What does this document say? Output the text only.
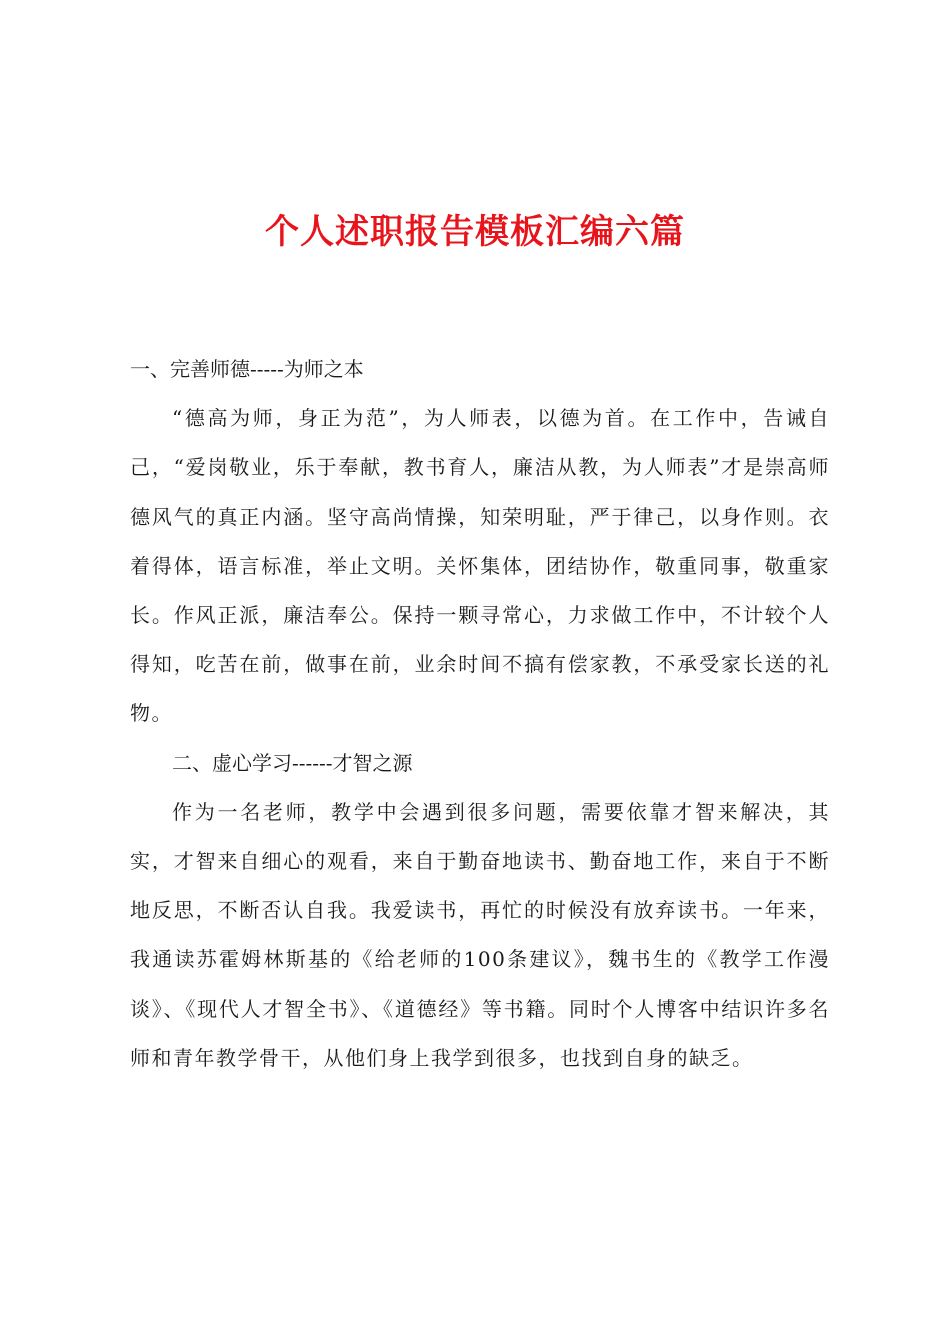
个人述职报告模板汇编六篇

一、完善师德-----为师之本

“德高为师，身正为范”，为人师表，以德为首。在工作中，告诫自己，“爱岗敬业，乐于奉献，教书育人，廉洁从教，为人师表”才是崇高师德风气的真正内涵。坚守高尚情操，知荣明耻，严于律己，以身作则。衣着得体，语言标准，举止文明。关怀集体，团结协作，敬重同事，敬重家长。作风正派，廉洁奉公。保持一颗寻常心，力求做工作中，不计较个人得知，吃苦在前，做事在前，业余时间不搞有偿家教，不承受家长送的礼物。

二、虚心学习------才智之源

作为一名老师，教学中会遇到很多问题，需要依靠才智来解决，其实，才智来自细心的观看，来自于勤奋地读书、勤奋地工作，来自于不断地反思，不断否认自我。我爱读书，再忙的时候没有放弃读书。一年来，我通读苏霍姆林斯基的《给老师的100条建议》，魏书生的《教学工作漫谈》、《现代人才智全书》、《道德经》等书籍。同时个人博客中结识许多名师和青年教学骨干，从他们身上我学到很多，也找到自身的缺乏。
